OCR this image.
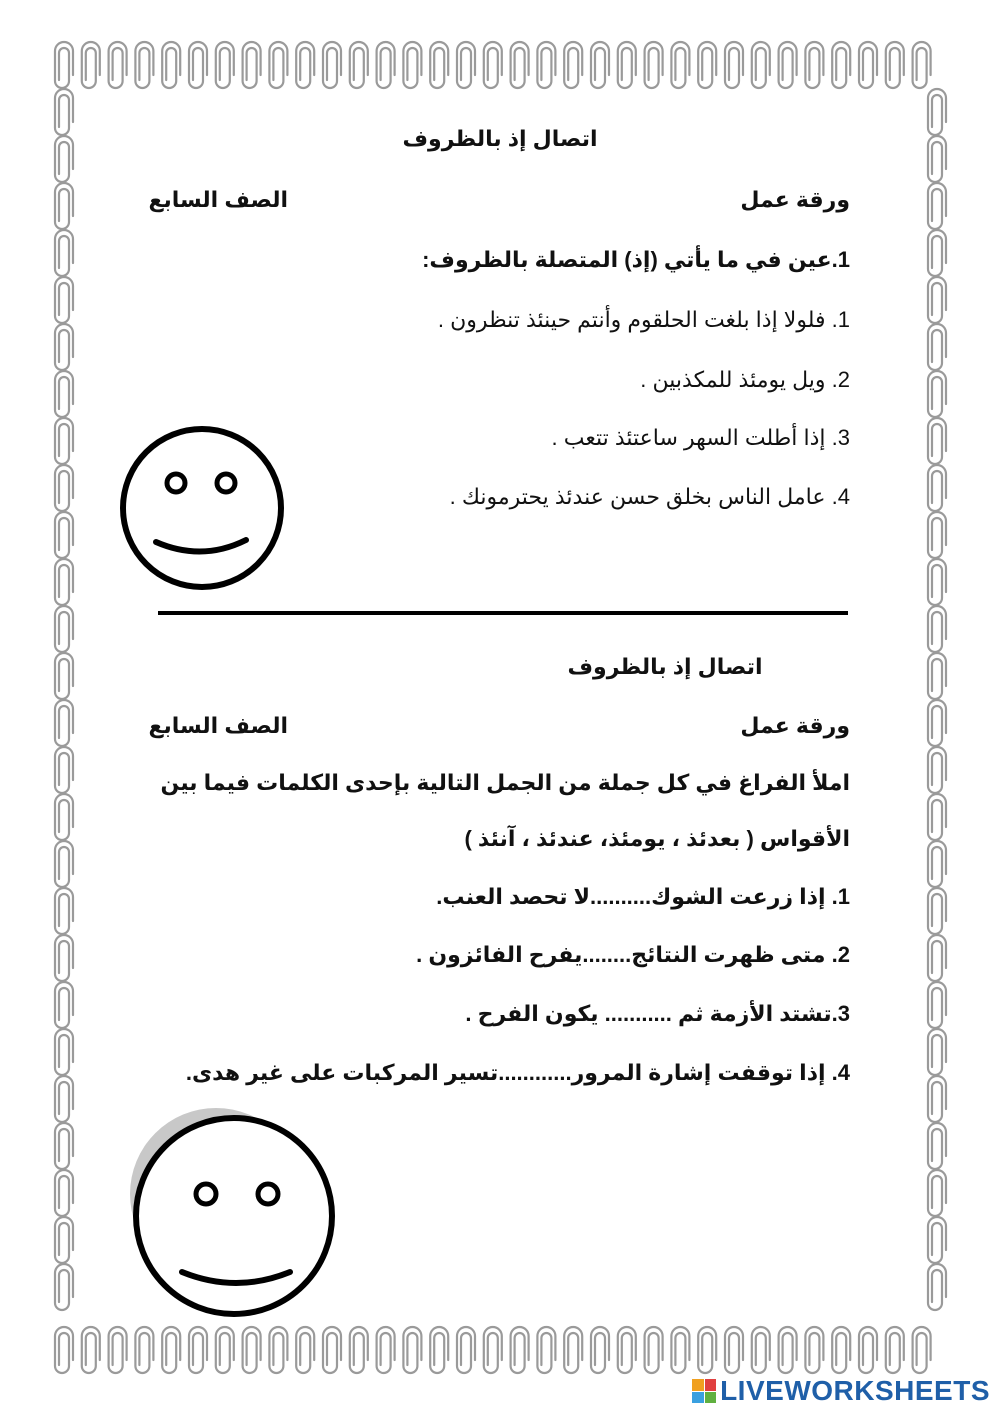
اتصال إذ بالظروف
ورقة عمل
الصف السابع
1.عين في ما يأتي (إذ) المتصلة بالظروف:
1. فلولا إذا بلغت الحلقوم وأنتم حينئذ تنظرون .
2. ويل يومئذ للمكذبين .
3. إذا أطلت السهر ساعتئذ تتعب .
4. عامل الناس بخلق حسن عندئذ يحترمونك .
اتصال إذ بالظروف
ورقة عمل
الصف السابع
املأ الفراغ في كل جملة من الجمل التالية بإحدى الكلمات فيما بين
الأقواس ( بعدئذ ، يومئذ، عندئذ ، آنئذ )
1. إذا زرعت الشوك..........لا تحصد العنب.
2. متى ظهرت النتائج........يفرح الفائزون .
3.تشتد الأزمة ثم ........... يكون الفرح .
4. إذا توقفت إشارة المرور............تسير المركبات على غير هدى.
LIVEWORKSHEETS
